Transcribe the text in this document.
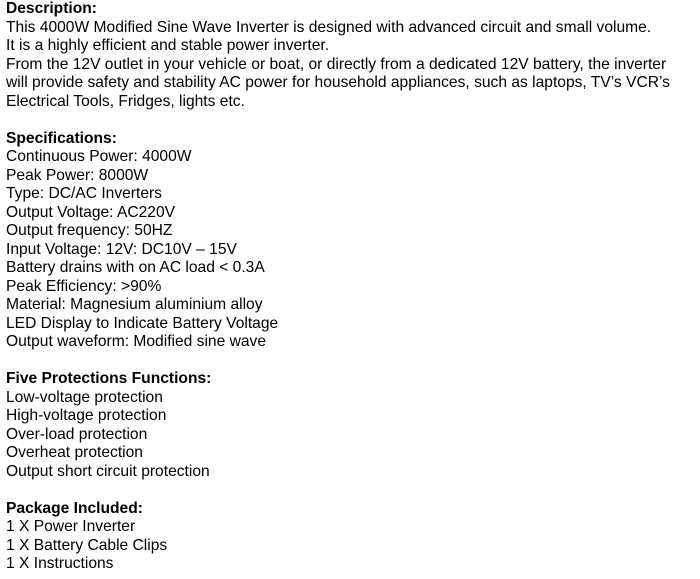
Description:
This 4000W Modified Sine Wave Inverter is designed with advanced circuit and small volume.
It is a highly efficient and stable power inverter.
From the 12V outlet in your vehicle or boat, or directly from a dedicated 12V battery, the inverter
will provide safety and stability AC power for household appliances, such as laptops, TV’s VCR’s
Electrical Tools, Fridges, lights etc.
Specifications:
Continuous Power: 4000W
Peak Power: 8000W
Type: DC/AC Inverters
Output Voltage: AC220V
Output frequency: 50HZ
Input Voltage: 12V: DC10V – 15V
Battery drains with on AC load < 0.3A
Peak Efficiency: >90%
Material: Magnesium aluminium alloy
LED Display to Indicate Battery Voltage
Output waveform: Modified sine wave
Five Protections Functions:
Low-voltage protection
High-voltage protection
Over-load protection
Overheat protection
Output short circuit protection
Package Included:
1 X Power Inverter
1 X Battery Cable Clips
1 X Instructions
